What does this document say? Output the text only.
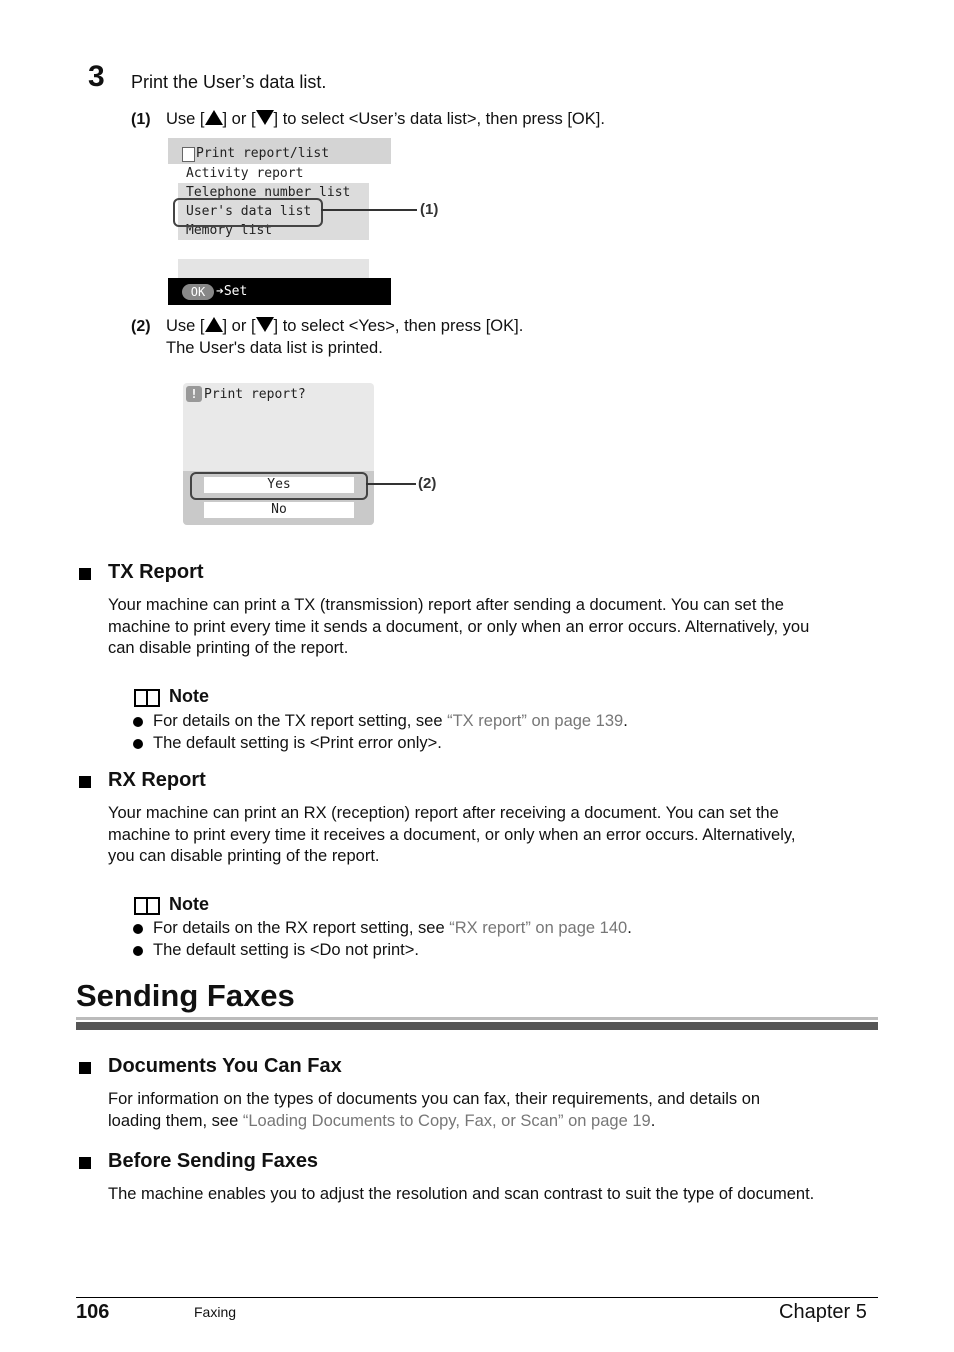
3 Print the User’s data list.
(1) Use [ ] or [ ] to select <User’s data list>, then press [OK].
Print report/list
Activity report
Telephone number list
User's data list
Memory list
OK ➔Set
(1)
(2) Use [ ] or [ ] to select <Yes>, then press [OK].
The User's data list is printed.
! Print report?
Yes
No
(2)
TX Report
Your machine can print a TX (transmission) report after sending a document. You can set the
machine to print every time it sends a document, or only when an error occurs. Alternatively, you
can disable printing of the report.
Note
For details on the TX report setting, see “TX report” on page 139.
The default setting is <Print error only>.
RX Report
Your machine can print an RX (reception) report after receiving a document. You can set the
machine to print every time it receives a document, or only when an error occurs. Alternatively,
you can disable printing of the report.
Note
For details on the RX report setting, see “RX report” on page 140.
The default setting is <Do not print>.
Sending Faxes
Documents You Can Fax
For information on the types of documents you can fax, their requirements, and details on
loading them, see “Loading Documents to Copy, Fax, or Scan” on page 19.
Before Sending Faxes
The machine enables you to adjust the resolution and scan contrast to suit the type of document.
106	Faxing	Chapter 5
